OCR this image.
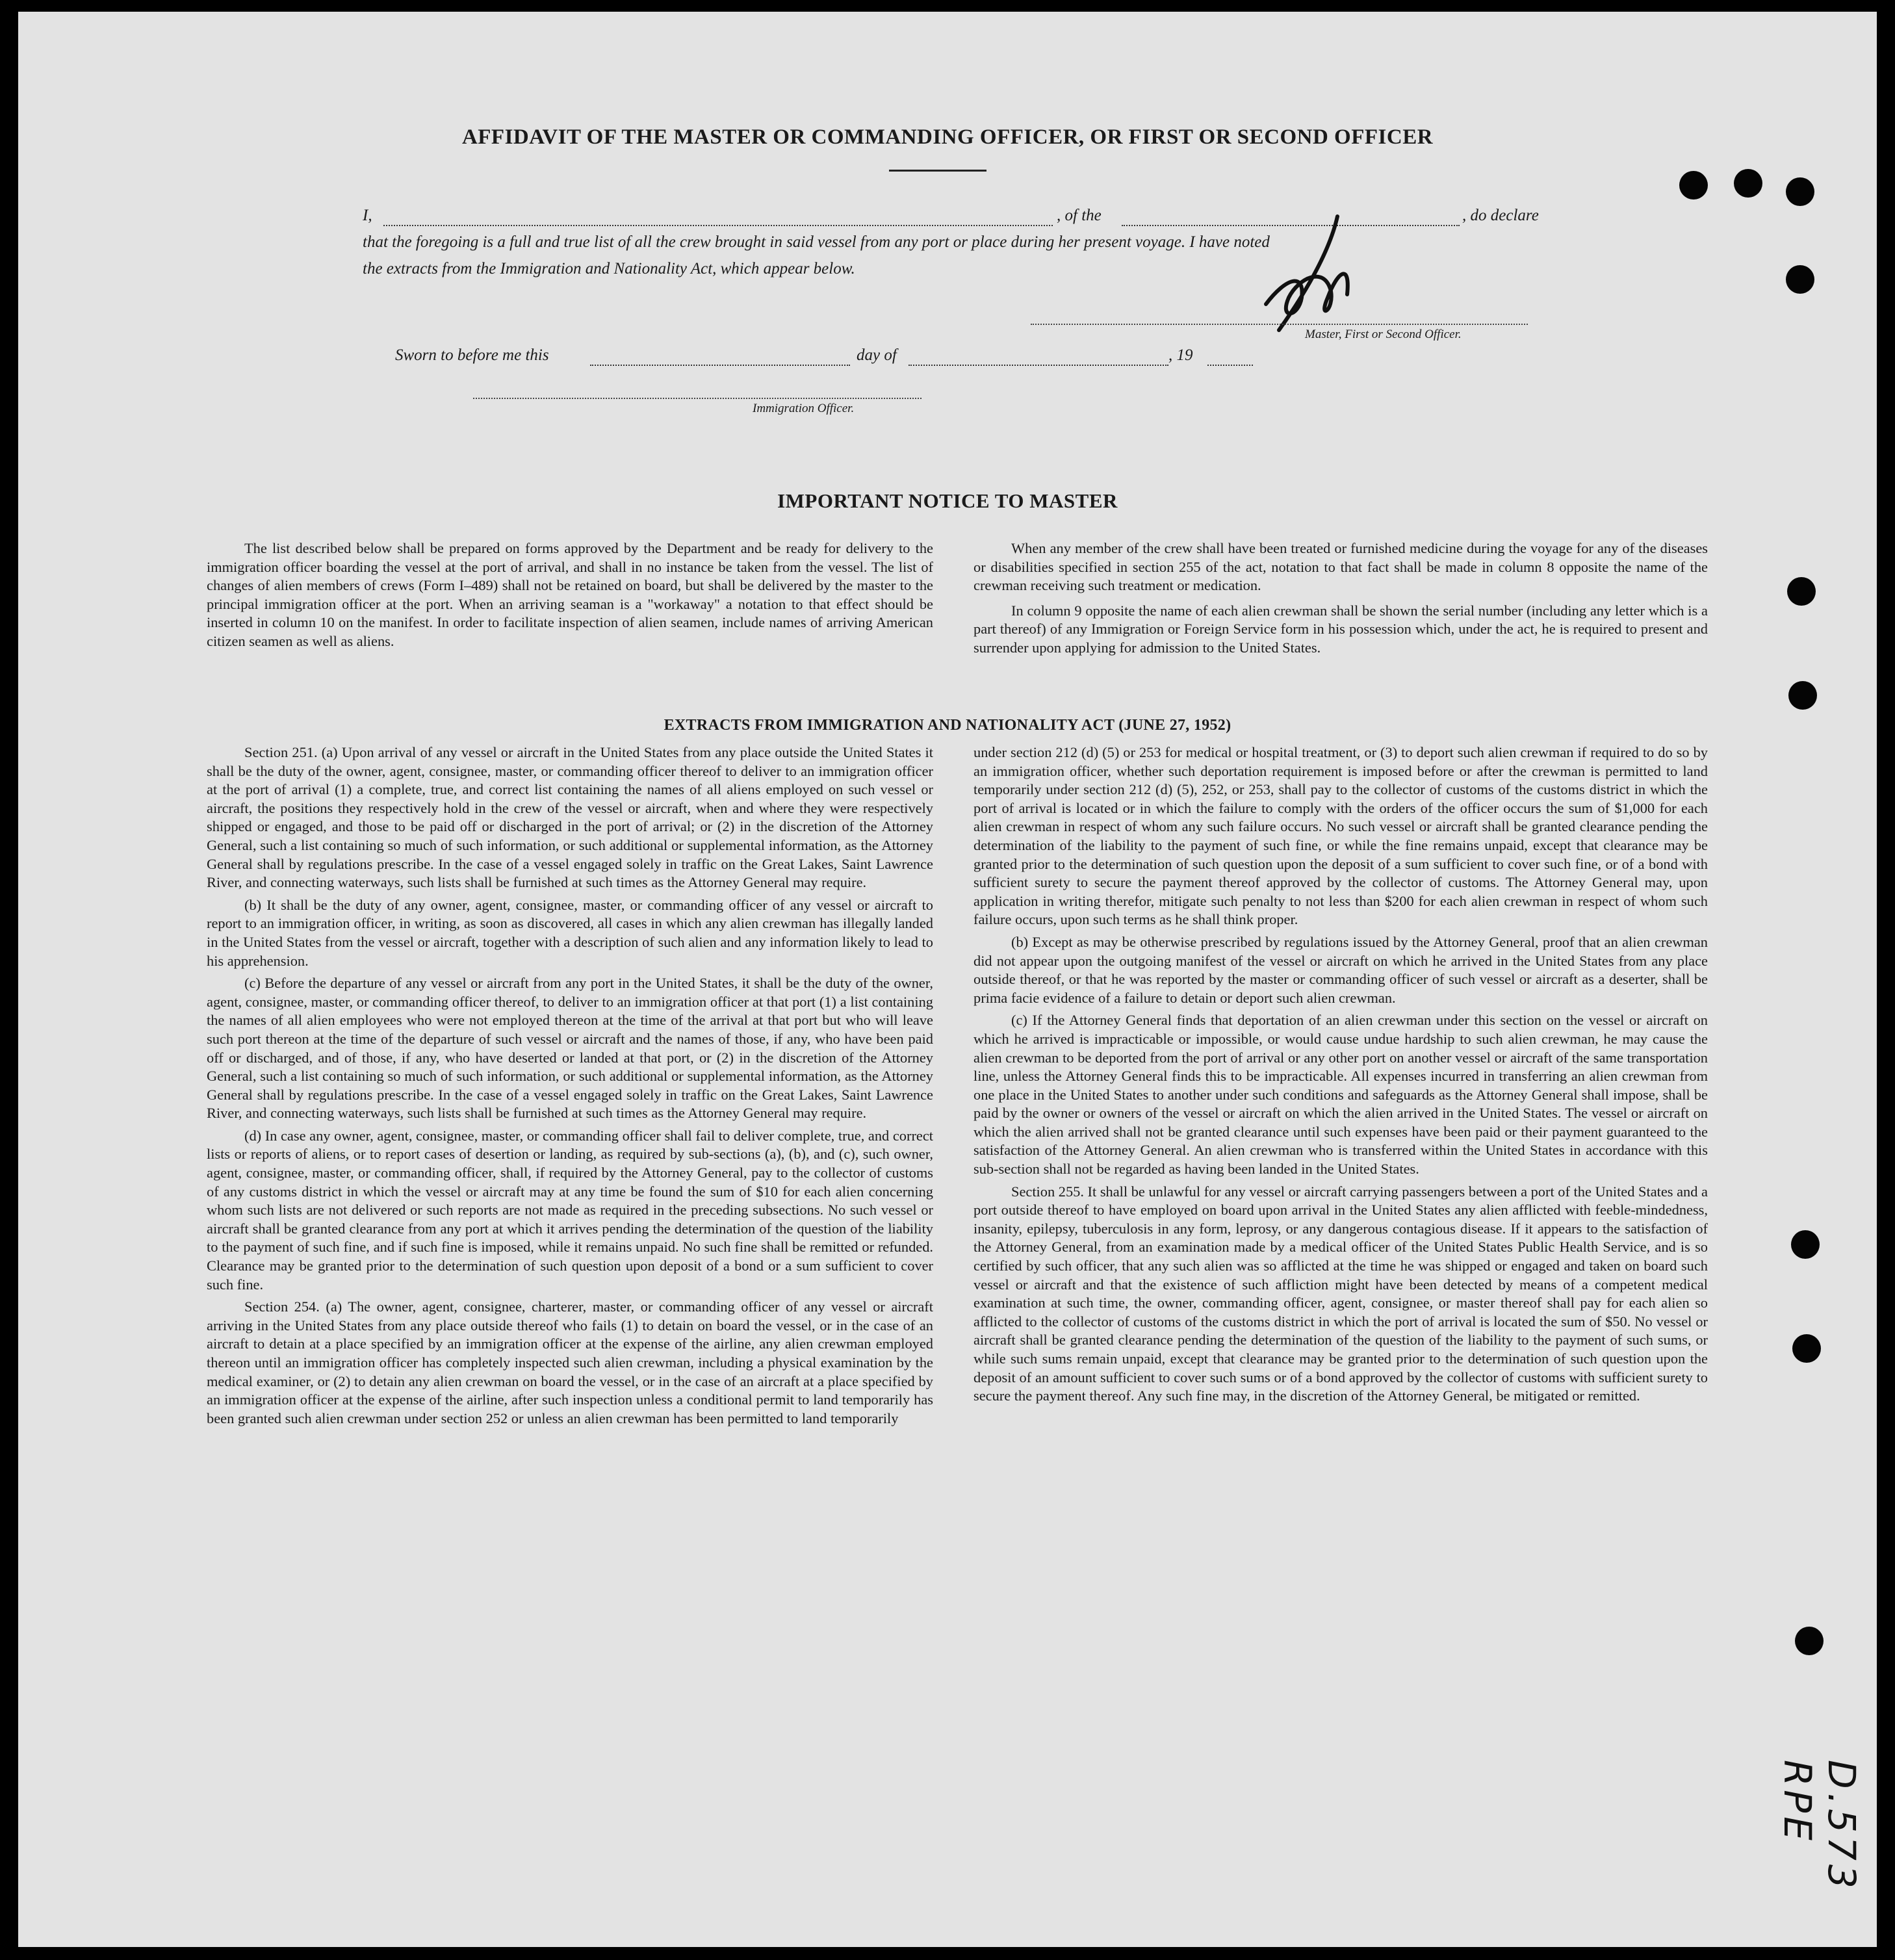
AFFIDAVIT OF THE MASTER OR COMMANDING OFFICER, OR FIRST OR SECOND OFFICER
I,	, of the	, do declare
that the foregoing is a full and true list of all the crew brought in said vessel from any port or place during her present voyage. I have noted
the extracts from the Immigration and Nationality Act, which appear below.
Master, First or Second Officer.
Sworn to before me this	day of	, 19
Immigration Officer.
IMPORTANT NOTICE TO MASTER

The list described below shall be prepared on forms approved by the Department and be ready for delivery to the immigration officer boarding the vessel at the port of arrival, and shall in no instance be taken from the vessel. The list of changes of alien members of crews (Form I–489) shall not be retained on board, but shall be delivered by the master to the principal immigration officer at the port. When an arriving seaman is a "workaway" a notation to that effect should be inserted in column 10 on the manifest. In order to facilitate inspection of alien seamen, include names of arriving American citizen seamen as well as aliens.

When any member of the crew shall have been treated or furnished medicine during the voyage for any of the diseases or disabilities specified in section 255 of the act, notation to that fact shall be made in column 8 opposite the name of the crewman receiving such treatment or medication.

In column 9 opposite the name of each alien crewman shall be shown the serial number (including any letter which is a part thereof) of any Immigration or Foreign Service form in his possession which, under the act, he is required to present and surrender upon applying for admission to the United States.

EXTRACTS FROM IMMIGRATION AND NATIONALITY ACT (JUNE 27, 1952)

Section 251. (a) Upon arrival of any vessel or aircraft in the United States from any place outside the United States it shall be the duty of the owner, agent, consignee, master, or commanding officer thereof to deliver to an immigration officer at the port of arrival (1) a complete, true, and correct list containing the names of all aliens employed on such vessel or aircraft, the positions they respectively hold in the crew of the vessel or aircraft, when and where they were respectively shipped or engaged, and those to be paid off or discharged in the port of arrival; or (2) in the discretion of the Attorney General, such a list containing so much of such information, or such additional or supplemental information, as the Attorney General shall by regulations prescribe. In the case of a vessel engaged solely in traffic on the Great Lakes, Saint Lawrence River, and connecting waterways, such lists shall be furnished at such times as the Attorney General may require.

(b) It shall be the duty of any owner, agent, consignee, master, or commanding officer of any vessel or aircraft to report to an immigration officer, in writing, as soon as discovered, all cases in which any alien crewman has illegally landed in the United States from the vessel or aircraft, together with a description of such alien and any information likely to lead to his apprehension.

(c) Before the departure of any vessel or aircraft from any port in the United States, it shall be the duty of the owner, agent, consignee, master, or commanding officer thereof, to deliver to an immigration officer at that port (1) a list containing the names of all alien employees who were not employed thereon at the time of the arrival at that port but who will leave such port thereon at the time of the departure of such vessel or aircraft and the names of those, if any, who have been paid off or discharged, and of those, if any, who have deserted or landed at that port, or (2) in the discretion of the Attorney General, such a list containing so much of such information, or such additional or supplemental information, as the Attorney General shall by regulations prescribe. In the case of a vessel engaged solely in traffic on the Great Lakes, Saint Lawrence River, and connecting waterways, such lists shall be furnished at such times as the Attorney General may require.

(d) In case any owner, agent, consignee, master, or commanding officer shall fail to deliver complete, true, and correct lists or reports of aliens, or to report cases of desertion or landing, as required by sub-sections (a), (b), and (c), such owner, agent, consignee, master, or commanding officer, shall, if required by the Attorney General, pay to the collector of customs of any customs district in which the vessel or aircraft may at any time be found the sum of $10 for each alien concerning whom such lists are not delivered or such reports are not made as required in the preceding subsections. No such vessel or aircraft shall be granted clearance from any port at which it arrives pending the determination of the question of the liability to the payment of such fine, and if such fine is imposed, while it remains unpaid. No such fine shall be remitted or refunded. Clearance may be granted prior to the determination of such question upon deposit of a bond or a sum sufficient to cover such fine.

Section 254. (a) The owner, agent, consignee, charterer, master, or commanding officer of any vessel or aircraft arriving in the United States from any place outside thereof who fails (1) to detain on board the vessel, or in the case of an aircraft to detain at a place specified by an immigration officer at the expense of the airline, any alien crewman employed thereon until an immigration officer has completely inspected such alien crewman, including a physical examination by the medical examiner, or (2) to detain any alien crewman on board the vessel, or in the case of an aircraft at a place specified by an immigration officer at the expense of the airline, after such inspection unless a conditional permit to land temporarily has been granted such alien crewman under section 252 or unless an alien crewman has been permitted to land temporarily

under section 212 (d) (5) or 253 for medical or hospital treatment, or (3) to deport such alien crewman if required to do so by an immigration officer, whether such deportation requirement is imposed before or after the crewman is permitted to land temporarily under section 212 (d) (5), 252, or 253, shall pay to the collector of customs of the customs district in which the port of arrival is located or in which the failure to comply with the orders of the officer occurs the sum of $1,000 for each alien crewman in respect of whom any such failure occurs. No such vessel or aircraft shall be granted clearance pending the determination of the liability to the payment of such fine, or while the fine remains unpaid, except that clearance may be granted prior to the determination of such question upon the deposit of a sum sufficient to cover such fine, or of a bond with sufficient surety to secure the payment thereof approved by the collector of customs. The Attorney General may, upon application in writing therefor, mitigate such penalty to not less than $200 for each alien crewman in respect of whom such failure occurs, upon such terms as he shall think proper.

(b) Except as may be otherwise prescribed by regulations issued by the Attorney General, proof that an alien crewman did not appear upon the outgoing manifest of the vessel or aircraft on which he arrived in the United States from any place outside thereof, or that he was reported by the master or commanding officer of such vessel or aircraft as a deserter, shall be prima facie evidence of a failure to detain or deport such alien crewman.

(c) If the Attorney General finds that deportation of an alien crewman under this section on the vessel or aircraft on which he arrived is impracticable or impossible, or would cause undue hardship to such alien crewman, he may cause the alien crewman to be deported from the port of arrival or any other port on another vessel or aircraft of the same transportation line, unless the Attorney General finds this to be impracticable. All expenses incurred in transferring an alien crewman from one place in the United States to another under such conditions and safeguards as the Attorney General shall impose, shall be paid by the owner or owners of the vessel or aircraft on which the alien arrived in the United States. The vessel or aircraft on which the alien arrived shall not be granted clearance until such expenses have been paid or their payment guaranteed to the satisfaction of the Attorney General. An alien crewman who is transferred within the United States in accordance with this sub-section shall not be regarded as having been landed in the United States.

Section 255. It shall be unlawful for any vessel or aircraft carrying passengers between a port of the United States and a port outside thereof to have employed on board upon arrival in the United States any alien afflicted with feeble-mindedness, insanity, epilepsy, tuberculosis in any form, leprosy, or any dangerous contagious disease. If it appears to the satisfaction of the Attorney General, from an examination made by a medical officer of the United States Public Health Service, and is so certified by such officer, that any such alien was so afflicted at the time he was shipped or engaged and taken on board such vessel or aircraft and that the existence of such affliction might have been detected by means of a competent medical examination at such time, the owner, commanding officer, agent, consignee, or master thereof shall pay for each alien so afflicted to the collector of customs of the customs district in which the port of arrival is located the sum of $50. No vessel or aircraft shall be granted clearance pending the determination of the question of the liability to the payment of such sums, or while such sums remain unpaid, except that clearance may be granted prior to the determination of such question upon the deposit of an amount sufficient to cover such sums or of a bond approved by the collector of customs with sufficient surety to secure the payment thereof. Any such fine may, in the discretion of the Attorney General, be mitigated or remitted.

D.573 RPE
